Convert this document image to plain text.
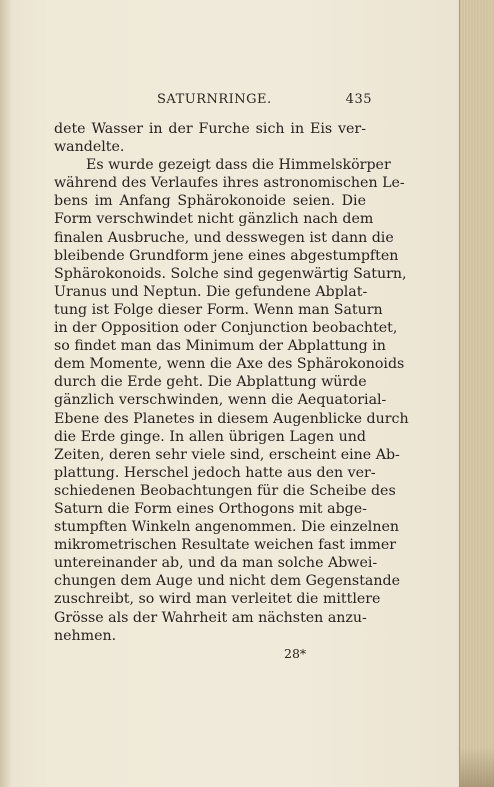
SATURNRINGE.	435
dete Wasser in der Furche sich in Eis ver-
wandelte.
Es wurde gezeigt dass die Himmelskörper
während des Verlaufes ihres astronomischen Le-
bens im Anfang Sphärokonoide seien. Die
Form verschwindet nicht gänzlich nach dem
finalen Ausbruche, und desswegen ist dann die
bleibende Grundform jene eines abgestumpften
Sphärokonoids. Solche sind gegenwärtig Saturn,
Uranus und Neptun. Die gefundene Abplat-
tung ist Folge dieser Form. Wenn man Saturn
in der Opposition oder Conjunction beobachtet,
so findet man das Minimum der Abplattung in
dem Momente, wenn die Axe des Sphärokonoids
durch die Erde geht. Die Abplattung würde
gänzlich verschwinden, wenn die Aequatorial-
Ebene des Planetes in diesem Augenblicke durch
die Erde ginge. In allen übrigen Lagen und
Zeiten, deren sehr viele sind, erscheint eine Ab-
plattung. Herschel jedoch hatte aus den ver-
schiedenen Beobachtungen für die Scheibe des
Saturn die Form eines Orthogons mit abge-
stumpften Winkeln angenommen. Die einzelnen
mikrometrischen Resultate weichen fast immer
untereinander ab, und da man solche Abwei-
chungen dem Auge und nicht dem Gegenstande
zuschreibt, so wird man verleitet die mittlere
Grösse als der Wahrheit am nächsten anzu-
nehmen.
28*
